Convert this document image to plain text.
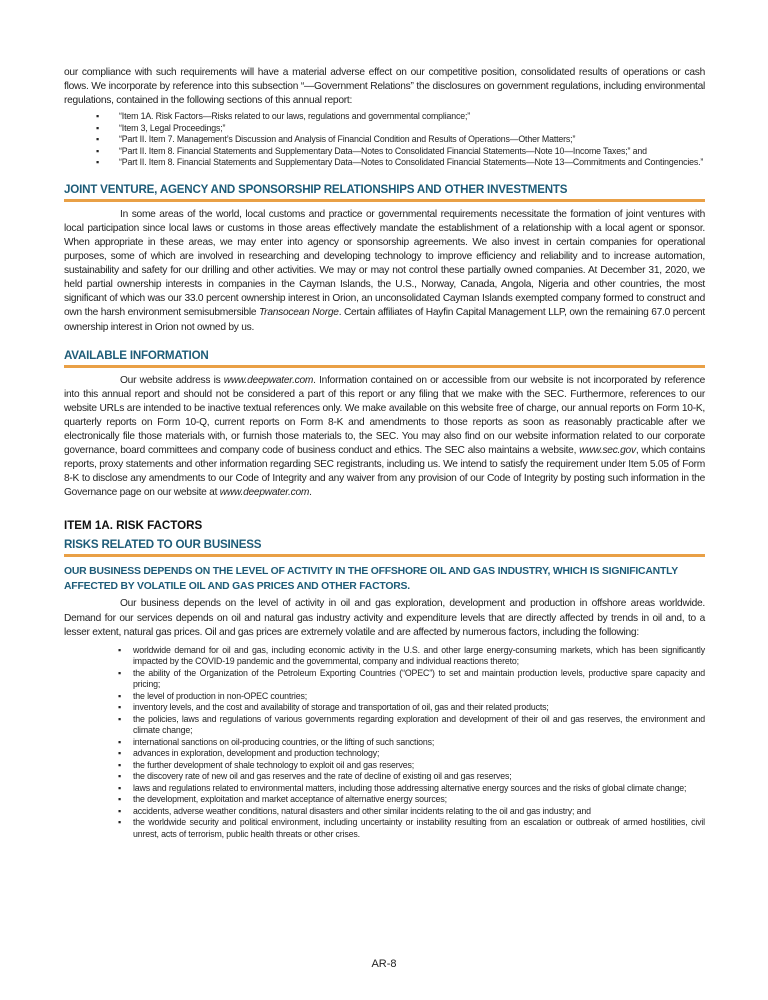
our compliance with such requirements will have a material adverse effect on our competitive position, consolidated results of operations or cash flows. We incorporate by reference into this subsection “—Government Relations” the disclosures on government regulations, including environmental regulations, contained in the following sections of this annual report:

▪ “Item 1A. Risk Factors—Risks related to our laws, regulations and governmental compliance;”
▪ “Item 3, Legal Proceedings;”
▪ “Part II. Item 7. Management’s Discussion and Analysis of Financial Condition and Results of Operations—Other Matters;”
▪ “Part II. Item 8. Financial Statements and Supplementary Data—Notes to Consolidated Financial Statements—Note 10—Income Taxes;” and
▪ “Part II. Item 8. Financial Statements and Supplementary Data—Notes to Consolidated Financial Statements—Note 13—Commitments and Contingencies.”
JOINT VENTURE, AGENCY AND SPONSORSHIP RELATIONSHIPS AND OTHER INVESTMENTS

In some areas of the world, local customs and practice or governmental requirements necessitate the formation of joint ventures with local participation since local laws or customs in those areas effectively mandate the establishment of a relationship with a local agent or sponsor. When appropriate in these areas, we may enter into agency or sponsorship agreements. We also invest in certain companies for operational purposes, some of which are involved in researching and developing technology to improve efficiency and reliability and to increase automation, sustainability and safety for our drilling and other activities. We may or may not control these partially owned companies. At December 31, 2020, we held partial ownership interests in companies in the Cayman Islands, the U.S., Norway, Canada, Angola, Nigeria and other countries, the most significant of which was our 33.0 percent ownership interest in Orion, an unconsolidated Cayman Islands exempted company formed to construct and own the harsh environment semisubmersible Transocean Norge. Certain affiliates of Hayfin Capital Management LLP, own the remaining 67.0 percent ownership interest in Orion not owned by us.

AVAILABLE INFORMATION

Our website address is www.deepwater.com. Information contained on or accessible from our website is not incorporated by reference into this annual report and should not be considered a part of this report or any filing that we make with the SEC. Furthermore, references to our website URLs are intended to be inactive textual references only. We make available on this website free of charge, our annual reports on Form 10-K, quarterly reports on Form 10-Q, current reports on Form 8-K and amendments to those reports as soon as reasonably practicable after we electronically file those materials with, or furnish those materials to, the SEC. You may also find on our website information related to our corporate governance, board committees and company code of business conduct and ethics. The SEC also maintains a website, www.sec.gov, which contains reports, proxy statements and other information regarding SEC registrants, including us. We intend to satisfy the requirement under Item 5.05 of Form 8-K to disclose any amendments to our Code of Integrity and any waiver from any provision of our Code of Integrity by posting such information in the Governance page on our website at www.deepwater.com.

ITEM 1A. RISK FACTORS
RISKS RELATED TO OUR BUSINESS
OUR BUSINESS DEPENDS ON THE LEVEL OF ACTIVITY IN THE OFFSHORE OIL AND GAS INDUSTRY, WHICH IS SIGNIFICANTLY AFFECTED BY VOLATILE OIL AND GAS PRICES AND OTHER FACTORS.

Our business depends on the level of activity in oil and gas exploration, development and production in offshore areas worldwide. Demand for our services depends on oil and natural gas industry activity and expenditure levels that are directly affected by trends in oil and, to a lesser extent, natural gas prices. Oil and gas prices are extremely volatile and are affected by numerous factors, including the following:

▪ worldwide demand for oil and gas, including economic activity in the U.S. and other large energy-consuming markets, which has been significantly impacted by the COVID-19 pandemic and the governmental, company and individual reactions thereto;
▪ the ability of the Organization of the Petroleum Exporting Countries (“OPEC”) to set and maintain production levels, productive spare capacity and pricing;
▪ the level of production in non-OPEC countries;
▪ inventory levels, and the cost and availability of storage and transportation of oil, gas and their related products;
▪ the policies, laws and regulations of various governments regarding exploration and development of their oil and gas reserves, the environment and climate change;
▪ international sanctions on oil-producing countries, or the lifting of such sanctions;
▪ advances in exploration, development and production technology;
▪ the further development of shale technology to exploit oil and gas reserves;
▪ the discovery rate of new oil and gas reserves and the rate of decline of existing oil and gas reserves;
▪ laws and regulations related to environmental matters, including those addressing alternative energy sources and the risks of global climate change;
▪ the development, exploitation and market acceptance of alternative energy sources;
▪ accidents, adverse weather conditions, natural disasters and other similar incidents relating to the oil and gas industry; and
▪ the worldwide security and political environment, including uncertainty or instability resulting from an escalation or outbreak of armed hostilities, civil unrest, acts of terrorism, public health threats or other crises.
AR-8
